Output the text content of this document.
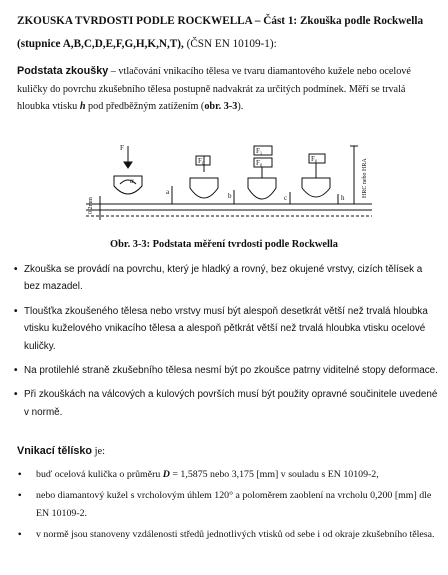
ZKOUSKA TVRDOSTI PODLE ROCKWELLA – Část 1: Zkouška podle Rockwella (stupnice A,B,C,D,E,F,G,H,K,N,T), (ČSN EN 10109-1):
Podstata zkoušky – vtlačování vnikacího tělesa ve tvaru diamantového kužele nebo ocelové kuličky do povrchu zkušebního tělesa postupně nadvakrát za určitých podmínek. Měří se trvalá hloubka vtisku h pod předběžným zatížením (obr. 3-3).
F
α
F₀
F₁
F₀	F₀
a	b	c	h
0.2mm
HRC nebo HRA
Obr. 3-3: Podstata měření tvrdosti podle Rockwella
• Zkouška se provádí na povrchu, který je hladký a rovný, bez okujené vrstvy, cizích tělísek a bez mazadel.
• Tloušťka zkoušeného tělesa nebo vrstvy musí být alespoň desetkrát větší než trvalá hloubka vtisku kuželového vnikacího tělesa a alespoň pětkrát větší než trvalá hloubka vtisku ocelové kuličky.
• Na protilehlé straně zkušebního tělesa nesmí být po zkoušce patrny viditelné stopy deformace.
• Při zkouškách na válcových a kulových površích musí být použity opravné součinitele uvedené v normě.
Vnikací tělísko je:
• buď ocelová kulička o průměru D = 1,5875 nebo 3,175 [mm] v souladu s EN 10109-2,
• nebo diamantový kužel s vrcholovým úhlem 120° a poloměrem zaoblení na vrcholu 0,200 [mm] dle EN 10109-2.
• v normě jsou stanoveny vzdálenosti středů jednotlivých vtisků od sebe i od okraje zkušebního tělesa.
